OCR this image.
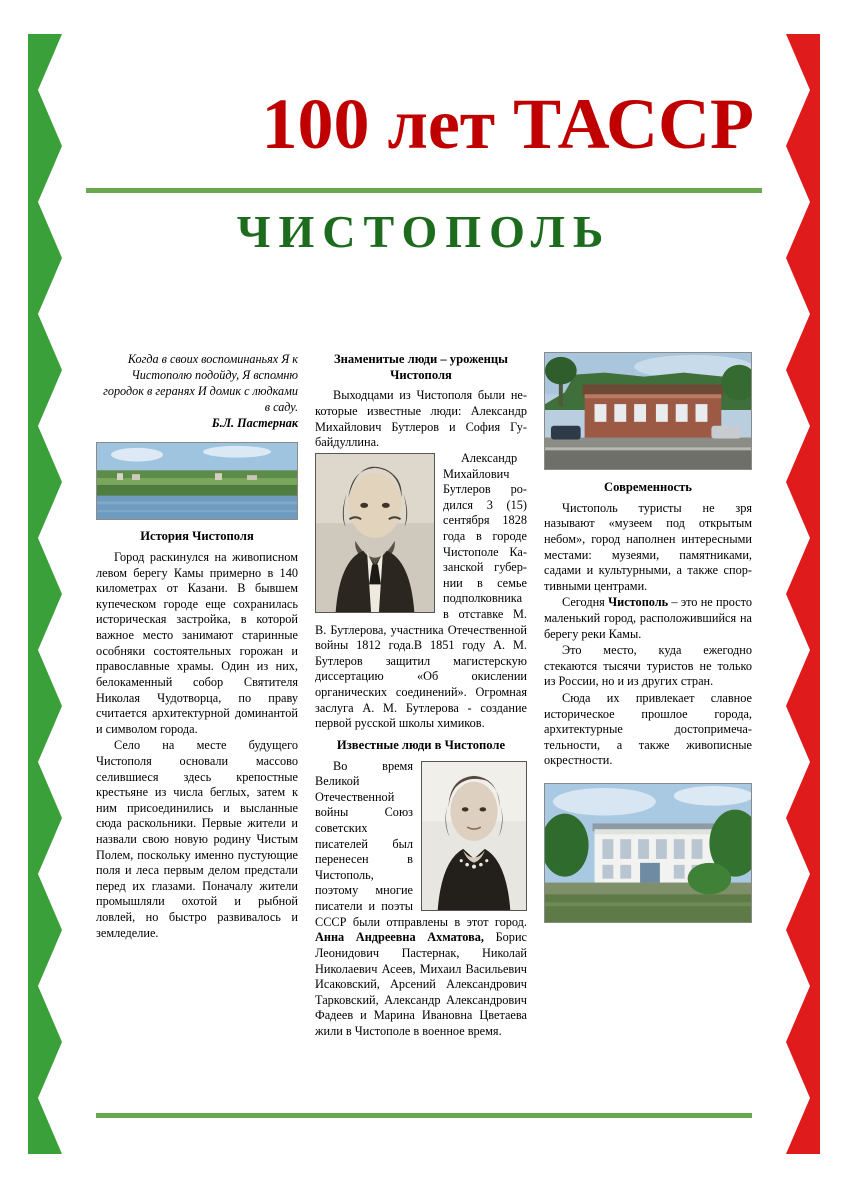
100 лет ТАССР
ЧИСТОПОЛЬ
Когда в своих воспоминаньях Я к Чистополю подойду, Я вспомню городок в геранях И домик с людками в саду.
Б.Л. Пастернак

История Чистополя

Город раскинулся на живописном левом берегу Камы примерно в 140 километрах от Казани. В бывшем купеческом городе еще сохранилась историческая застройка, в которой важное место занимают старинные особняки состоятельных горожан и православные храмы. Один из них, белокаменный собор Святителя Николая Чудотворца, по праву считается архитектурной доминантой и символом города.

Село на месте будущего Чистополя основали массово селившиеся здесь крепостные крестьяне из числа беглых, затем к ним присоединились и высланные сюда раскольники. Первые жители и назвали свою новую родину Чистым Полем, поскольку именно пустующие поля и леса первым делом предстали перед их глазами. Поначалу жители промышляли охотой и рыбной ловлей, но быстро развивалось и земледелие.

Знаменитые люди – уроженцы Чистополя

Выходцами из Чистополя были некоторые известные люди: Александр Михайлович Бутлеров и София Губайдуллина.

Александр Михайлович Бутлеров родился 3 (15) сентября 1828 года в городе Чистополе Казанской губернии в семье подполковника в отставке М. В. Бутлерова, участника Отечественной войны 1812 года.В 1851 году А. М. Бутлеров защитил магистерскую диссертацию «Об окислении органических соединений». Огромная заслуга А. М. Бутлерова - создание первой русской школы химиков.

Известные люди в Чистополе

Во время Великой Отечественной войны Союз советских писателей был перенесен в Чистополь, поэтому многие писатели и поэты СССР были отправлены в этот город. Анна Андреевна Ахматова, Борис Леонидович Пастернак, Николай Николаевич Асеев, Михаил Васильевич Исаковский, Арсений Александрович Тарковский, Александр Александрович Фадеев и Марина Ивановна Цветаева жили в Чистополе в военное время.

Современность

Чистополь туристы не зря называют «музеем под открытым небом», город наполнен интересными местами: музеями, памятниками, садами и культурными, а также спортивными центрами.

Сегодня Чистополь – это не просто маленький город, расположившийся на берегу реки Камы.

Это место, куда ежегодно стекаются тысячи туристов не только из России, но и из других стран.

Сюда их привлекает славное историческое прошлое города, архитектурные достопримечательности, а также живописные окрестности.
